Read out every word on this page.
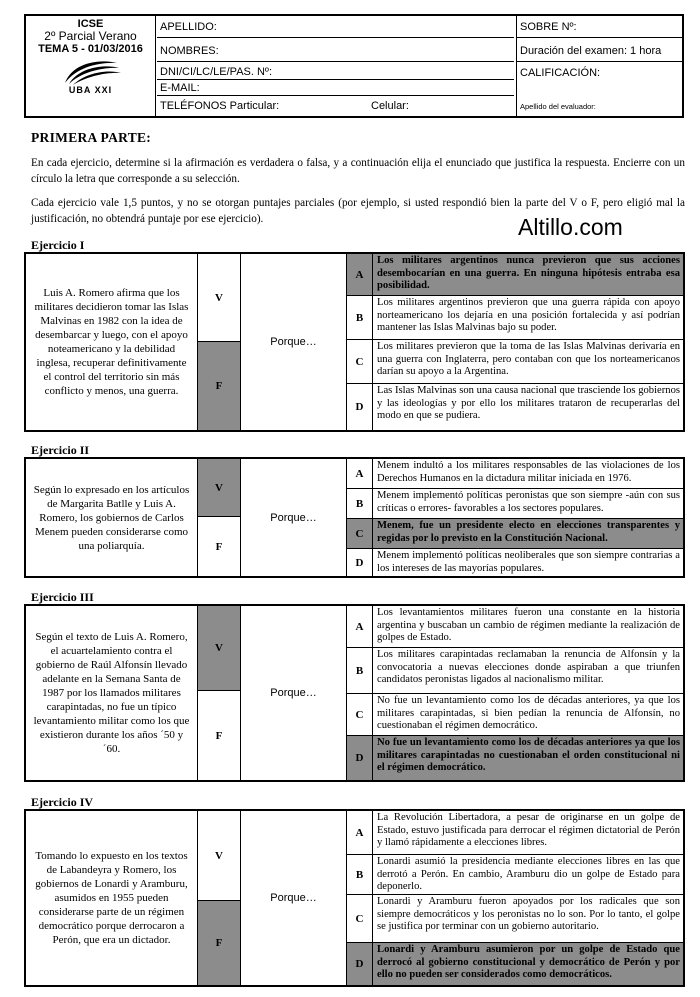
ICSE
2º Parcial Verano
TEMA 5 - 01/03/2016
UBA XXI
APELLIDO:
NOMBRES:
DNI/CI/LC/LE/PAS. Nº:
E-MAIL:
TELÉFONOS Particular:	Celular:
SOBRE Nº:
Duración del examen: 1 hora
CALIFICACIÓN:
Apellido del evaluador:
PRIMERA PARTE:
En cada ejercicio, determine si la afirmación es verdadera o falsa, y a continuación elija el enunciado que justifica la respuesta. Encierre con un círculo la letra que corresponde a su selección.
Cada ejercicio vale 1,5 puntos, y no se otorgan puntajes parciales (por ejemplo, si usted respondió bien la parte del V o F, pero eligió mal la justificación, no obtendrá puntaje por ese ejercicio).	Altillo.com
Ejercicio I
Luis A. Romero afirma que los militares decidieron tomar las Islas Malvinas en 1982 con la idea de desembarcar y luego, con el apoyo noteamericano y la debilidad inglesa, recuperar definitivamente el control del territorio sin más conflicto y menos, una guerra.
V
F
Porque…
A
Los militares argentinos nunca previeron que sus acciones desembocarían en una guerra. En ninguna hipótesis entraba esa posibilidad.
B
Los militares argentinos previeron que una guerra rápida con apoyo norteamericano los dejaría en una posición fortalecida y así podrían mantener las Islas Malvinas bajo su poder.
C
Los militares previeron que la toma de las Islas Malvinas derivaría en una guerra con Inglaterra, pero contaban con que los norteamericanos darían su apoyo a la Argentina.
D
Las Islas Malvinas son una causa nacional que trasciende los gobiernos y las ideologías y por ello los militares trataron de recuperarlas del modo en que se pudiera.
Ejercicio II
Según lo expresado en los artículos de Margarita Batlle y Luis A. Romero, los gobiernos de Carlos Menem pueden considerarse como una poliarquía.
V
F
Porque…
A
Menem indultó a los militares responsables de las violaciones de los Derechos Humanos en la dictadura militar iniciada en 1976.
B
Menem implementó políticas peronistas que son siempre -aún con sus críticas o errores- favorables a los sectores populares.
C
Menem, fue un presidente electo en elecciones transparentes y regidas por lo previsto en la Constitución Nacional.
D
Menem implementó políticas neoliberales que son siempre contrarias a los intereses de las mayorías populares.
Ejercicio III
Según el texto de Luis A. Romero, el acuartelamiento contra el gobierno de Raúl Alfonsín llevado adelante en la Semana Santa de 1987 por los llamados militares carapintadas, no fue un típico levantamiento militar como los que existieron durante los años ´50 y ´60.
V
F
Porque…
A
Los levantamientos militares fueron una constante en la historia argentina y buscaban un cambio de régimen mediante la realización de golpes de Estado.
B
Los militares carapintadas reclamaban la renuncia de Alfonsín y la convocatoria a nuevas elecciones donde aspiraban a que triunfen candidatos peronistas ligados al nacionalismo militar.
C
No fue un levantamiento como los de décadas anteriores, ya que los militares carapintadas, si bien pedían la renuncia de Alfonsín, no cuestionaban el régimen democrático.
D
No fue un levantamiento como los de décadas anteriores ya que los militares carapintadas no cuestionaban el orden constitucional ni el régimen democrático.
Ejercicio IV
Tomando lo expuesto en los textos de Labandeyra y Romero, los gobiernos de Lonardi y Aramburu, asumidos en 1955 pueden considerarse parte de un régimen democrático porque derrocaron a Perón, que era un dictador.
V
F
Porque…
A
La Revolución Libertadora, a pesar de originarse en un golpe de Estado, estuvo justificada para derrocar el régimen dictatorial de Perón y llamó rápidamente a elecciones libres.
B
Lonardi asumió la presidencia mediante elecciones libres en las que derrotó a Perón. En cambio, Aramburu dio un golpe de Estado para deponerlo.
C
Lonardi y Aramburu fueron apoyados por los radicales que son siempre democráticos y los peronistas no lo son. Por lo tanto, el golpe se justifica por terminar con un gobierno autoritario.
D
Lonardi y Aramburu asumieron por un golpe de Estado que derrocó al gobierno constitucional y democrático de Perón y por ello no pueden ser considerados como democráticos.
